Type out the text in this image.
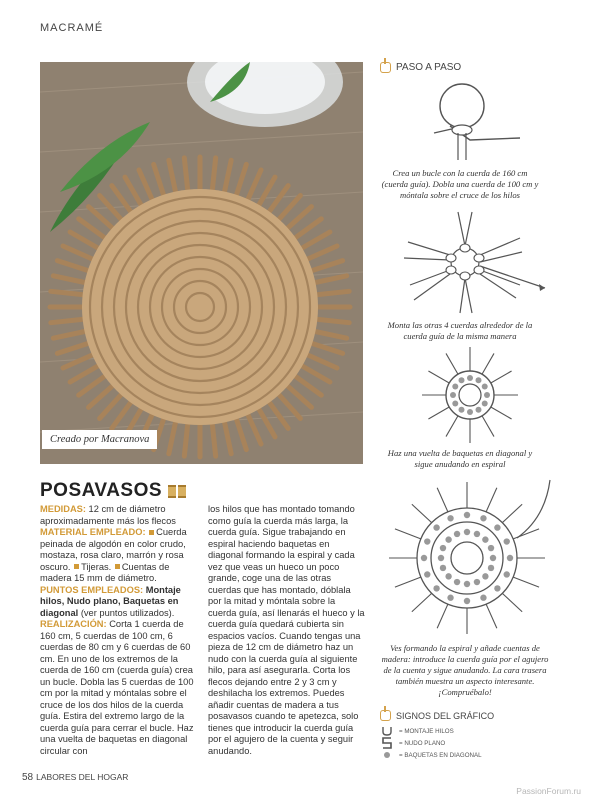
MACRAMÉ
Creado por Macranova
PASO A PASO
Crea un bucle con la cuerda de 160 cm (cuerda guía). Dobla una cuerda de 100 cm y móntala sobre el cruce de los hilos
Monta las otras 4 cuerdas alrededor de la cuerda guía de la misma manera
Haz una vuelta de baquetas en diagonal y sigue anudando en espiral
Ves formando la espiral y añade cuentas de madera: introduce la cuerda guía por el agujero de la cuenta y sigue anudando. La cara trasera también muestra un aspecto interesante. ¡Compruébalo!
POSAVASOS

MEDIDAS: 12 cm de diámetro aproximadamente más los flecos

MATERIAL EMPLEADO: Cuerda peinada de algodón en color crudo, mostaza, rosa claro, marrón y rosa oscuro. Tijeras. Cuentas de madera 15 mm de diámetro.

PUNTOS EMPLEADOS: Montaje hilos, Nudo plano, Baquetas en diagonal (ver puntos utilizados).

REALIZACIÓN: Corta 1 cuerda de 160 cm, 5 cuerdas de 100 cm, 6 cuerdas de 80 cm y 6 cuerdas de 60 cm. En uno de los extremos de la cuerda de 160 cm (cuerda guía) crea un bucle. Dobla las 5 cuerdas de 100 cm por la mitad y móntalas sobre el cruce de los dos hilos de la cuerda guía. Estira del extremo largo de la cuerda guía para cerrar el bucle. Haz una vuelta de baquetas en diagonal circular con

los hilos que has montado tomando como guía la cuerda más larga, la cuerda guía. Sigue trabajando en espiral haciendo baquetas en diagonal formando la espiral y cada vez que veas un hueco un poco grande, coge una de las otras cuerdas que has montado, dóblala por la mitad y móntala sobre la cuerda guía, así llenarás el hueco y la cuerda guía quedará cubierta sin espacios vacíos. Cuando tengas una pieza de 12 cm de diámetro haz un nudo con la cuerda guía al siguiente hilo, para así asegurarla. Corta los flecos dejando entre 2 y 3 cm y deshilacha los extremos. Puedes añadir cuentas de madera a tus posavasos cuando te apetezca, solo tienes que introducir la cuerda guía por el agujero de la cuenta y seguir anudando.

SIGNOS DEL GRÁFICO
= MONTAJE HILOS
= NUDO PLANO
= BAQUETAS EN DIAGONAL
58 LABORES DEL HOGAR
PassionForum.ru
